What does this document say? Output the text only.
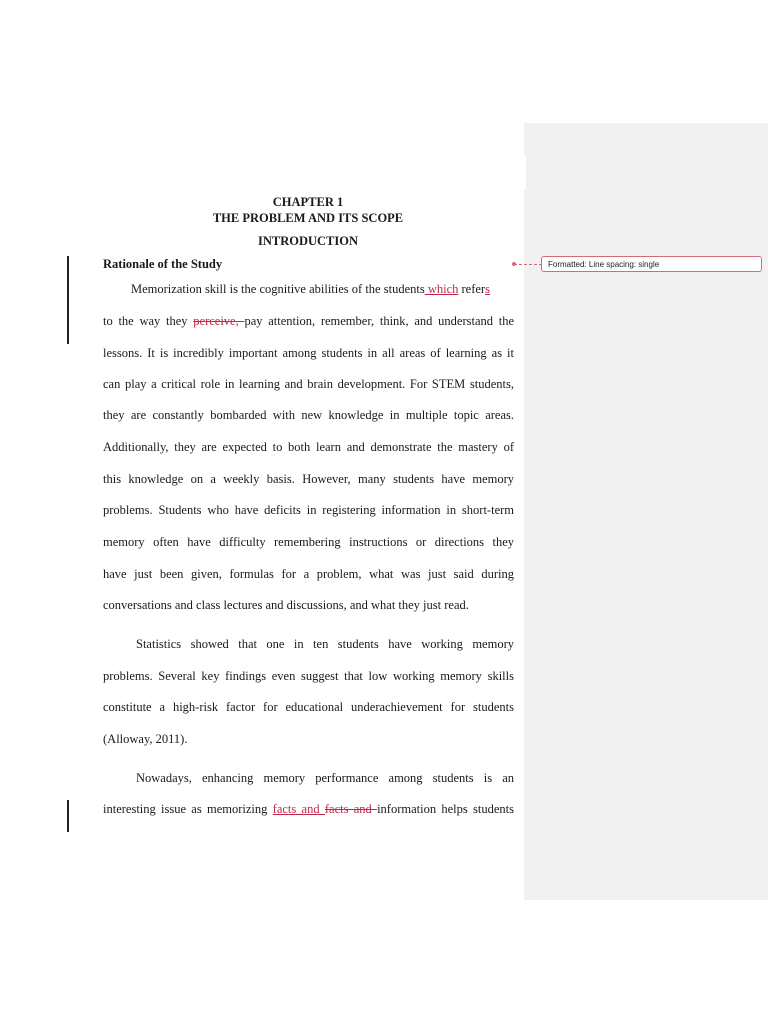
Formatted: Line spacing: single
CHAPTER 1
THE PROBLEM AND ITS SCOPE
INTRODUCTION
Rationale of the Study
Memorization skill is the cognitive abilities of the students which refers
to the way they perceive, pay attention, remember, think, and understand the
lessons. It is incredibly important among students in all areas of learning as it
can play a critical role in learning and brain development. For STEM students,
they are constantly bombarded with new knowledge in multiple topic areas.
Additionally, they are expected to both learn and demonstrate the mastery of
this knowledge on a weekly basis. However, many students have memory
problems. Students who have deficits in registering information in short-term
memory often have difficulty remembering instructions or directions they
have just been given, formulas for a problem, what was just said during
conversations and class lectures and discussions, and what they just read.
Statistics showed that one in ten students have working memory
problems. Several key findings even suggest that low working memory skills
constitute a high-risk factor for educational underachievement for students
(Alloway, 2011).
Nowadays, enhancing memory performance among students is an
interesting issue as memorizing facts and facts and information helps students
